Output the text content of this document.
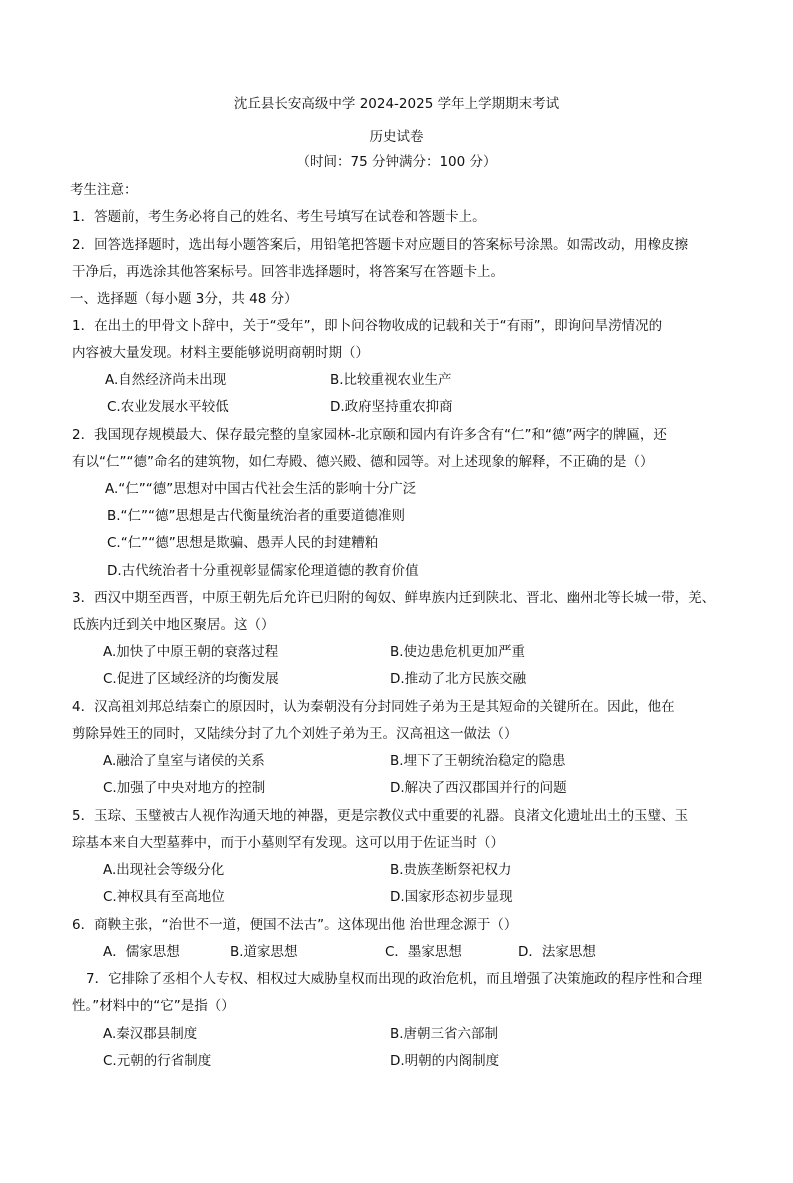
沈丘县长安高级中学 2024-2025 学年上学期期末考试
历史试卷
（时间：75 分钟满分：100 分）
考生注意：
1．答题前，考生务必将自己的姓名、考生号填写在试卷和答题卡上。
2．回答选择题时，选出每小题答案后，用铅笔把答题卡对应题目的答案标号涂黑。如需改动，用橡皮擦
干净后，再选涂其他答案标号。回答非选择题时，将答案写在答题卡上。
一、选择题（每小题 3分，共 48 分）
1．在出土的甲骨文卜辞中，关于“受年”，即卜问谷物收成的记载和关于“有雨”，即询问旱涝情况的
内容被大量发现。材料主要能够说明商朝时期（）
A.自然经济尚未出现	B.比较重视农业生产
C.农业发展水平较低	D.政府坚持重农抑商
2．我国现存规模最大、保存最完整的皇家园林-北京颐和园内有许多含有“仁”和“德”两字的牌匾，还
有以“仁”“德”命名的建筑物，如仁寿殿、德兴殿、德和园等。对上述现象的解释，不正确的是（）
A.“仁”“德”思想对中国古代社会生活的影响十分广泛
B.“仁”“德”思想是古代衡量统治者的重要道德准则
C.“仁”“德”思想是欺骗、愚弄人民的封建糟粕
D.古代统治者十分重视彰显儒家伦理道德的教育价值
3．西汉中期至西晋，中原王朝先后允许已归附的匈奴、鲜卑族内迁到陕北、晋北、幽州北等长城一带，羌、
氐族内迁到关中地区聚居。这（）
A.加快了中原王朝的衰落过程	B.使边患危机更加严重
C.促进了区域经济的均衡发展	D.推动了北方民族交融
4．汉高祖刘邦总结秦亡的原因时，认为秦朝没有分封同姓子弟为王是其短命的关键所在。因此，他在
剪除异姓王的同时，又陆续分封了九个刘姓子弟为王。汉高祖这一做法（）
A.融洽了皇室与诸侯的关系	B.埋下了王朝统治稳定的隐患
C.加强了中央对地方的控制	D.解决了西汉郡国并行的问题
5．玉琮、玉璧被古人视作沟通天地的神器，更是宗教仪式中重要的礼器。良渚文化遗址出土的玉璧、玉
琮基本来自大型墓葬中，而于小墓则罕有发现。这可以用于佐证当时（）
A.出现社会等级分化	B.贵族垄断祭祀权力
C.神权具有至高地位	D.国家形态初步显现
6．商鞅主张，“治世不一道，便国不法古”。这体现出他 治世理念源于（）
A．儒家思想	B.道家思想	C．墨家思想	D．法家思想
7．它排除了丞相个人专权、相权过大威胁皇权而出现的政治危机，而且增强了决策施政的程序性和合理
性。”材料中的“它”是指（）
A.秦汉郡县制度	B.唐朝三省六部制
C.元朝的行省制度	D.明朝的内阁制度
